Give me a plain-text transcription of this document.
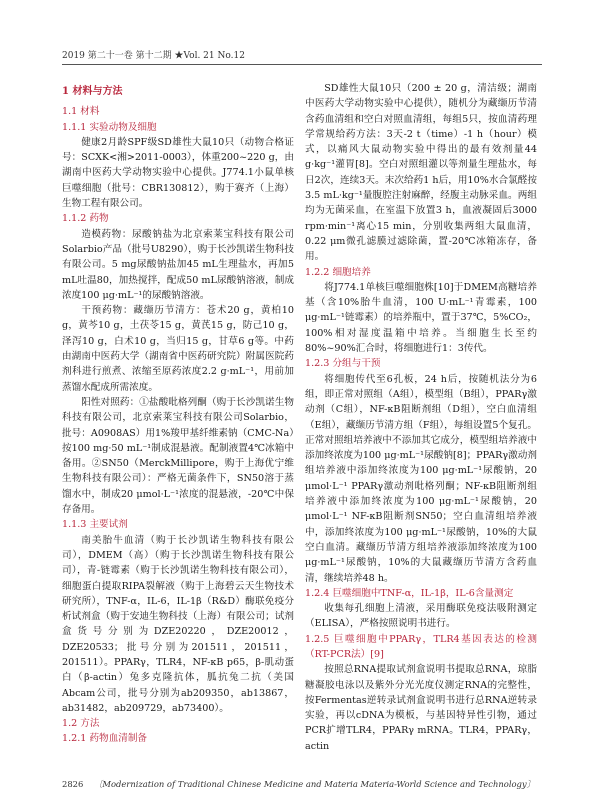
2019 第二十一卷 第十二期 ★Vol. 21 No.12

1 材料与方法

1.1 材料

1.1.1 实验动物及细胞

健康2月龄SPF级SD雄性大鼠10只（动物合格证号：SCXK<湘>2011-0003），体重200~220 g，由湖南中医药大学动物实验中心提供。J774.1小鼠单核巨噬细胞（批号：CBR130812），购于赛齐（上海）生物工程有限公司。

1.1.2 药物

造模药物：尿酸钠盐为北京索莱宝科技有限公司Solarbio产品（批号U8290），购于长沙凯诺生物科技有限公司。5 mg尿酸钠盐加45 mL生理盐水，再加5 mL吐温80，加热搅拌，配成50 mL尿酸钠溶液，制成浓度100 μg·mL⁻¹的尿酸钠溶液。

干预药物：藏缬历节清方：苍术20 g，黄柏10 g，黄芩10 g，土茯苓15 g，黄芪15 g，防己10 g，泽泻10 g，白术10 g，当归15 g，甘草6 g等。中药由湖南中医药大学（湖南省中医药研究院）附属医院药剂科进行煎煮、浓缩至原药浓度2.2 g·mL⁻¹，用前加蒸馏水配成所需浓度。

阳性对照药：①盐酸吡格列酮（购于长沙凯诺生物科技有限公司，北京索莱宝科技有限公司Solarbio，批号：A0908AS）用1%羧甲基纤维素钠（CMC-Na）按100 mg·50 mL⁻¹制成混悬液。配制液置4℃冰箱中备用。②SN50（MerckMillipore，购于上海优宁维生物科技有限公司）：严格无菌条件下，SN50溶于蒸馏水中，制成20 μmol·L⁻¹浓度的混悬液，-20℃中保存备用。

1.1.3 主要试剂

南美胎牛血清（购于长沙凯诺生物科技有限公司），DMEM（高）（购于长沙凯诺生物科技有限公司），青-链霉素（购于长沙凯诺生物科技有限公司），细胞蛋白提取RIPA裂解液（购于上海碧云天生物技术研究所），TNF-α，IL-6，IL-1β（R&D）酶联免疫分析试剂盒（购于安迪生物科技（上海）有限公司；试剂盒货号分别为DZE20220，DZE20012，DZE20533；批号分别为201511，201511，201511）。PPARγ，TLR4，NF-κB p65，β-肌动蛋白（β-actin）兔多克隆抗体，胍抗兔二抗（美国Abcam公司，批号分别为ab209350，ab13867，ab31482，ab209729，ab73400）。

1.2 方法

1.2.1 药物血清制备

SD雄性大鼠10只（200 ± 20 g，清洁级；湖南中医药大学动物实验中心提供），随机分为藏缬历节清含药血清组和空白对照血清组，每组5只，按血清药理学常规给药方法：3天-2 t（time）-1 h（hour）模式，以痛风大鼠动物实验中得出的最有效剂量44 g·kg⁻¹灌胃[8]。空白对照组灌以等剂量生理盐水，每日2次，连续3天。末次给药1 h后，用10%水合氯醛按3.5 mL·kg⁻¹量腹腔注射麻醉，经腹主动脉采血。两组均为无菌采血，在室温下放置3 h，血液凝固后3000 rpm·min⁻¹离心15 min，分别收集两组大鼠血清，0.22 μm微孔滤膜过滤除菌，置-20℃冰箱冻存，备用。

1.2.2 细胞培养

将J774.1单核巨噬细胞株[10]于DMEM高糖培养基（含10%胎牛血清，100 U·mL⁻¹青霉素，100 μg·mL⁻¹链霉素）的培养瓶中，置于37℃，5%CO₂，100%相对湿度温箱中培养。当细胞生长至约80%~90%汇合时，将细胞进行1：3传代。

1.2.3 分组与干预

将细胞传代至6孔板，24 h后，按随机法分为6组，即正常对照组（A组），模型组（B组），PPARγ激动剂（C组），NF-κB阻断剂组（D组），空白血清组（E组），藏缬历节清方组（F组），每组设置5个复孔。正常对照组培养液中不添加其它成分，模型组培养液中添加终浓度为100 μg·mL⁻¹尿酸钠[8]；PPARγ激动剂组培养液中添加终浓度为100 μg·mL⁻¹尿酸钠，20 μmol·L⁻¹ PPARγ激动剂吡格列酮；NF-κB阻断剂组培养液中添加终浓度为100 μg·mL⁻¹尿酸钠，20 μmol·L⁻¹ NF-κB阻断剂SN50；空白血清组培养液中，添加终浓度为100 μg·mL⁻¹尿酸钠，10%的大鼠空白血清。藏缬历节清方组培养液添加终浓度为100 μg·mL⁻¹尿酸钠，10%的大鼠藏缬历节清方含药血清，继续培养48 h。

1.2.4 巨噬细胞中TNF-α，IL-1β，IL-6含量测定

收集每孔细胞上清液，采用酶联免疫法吸附测定（ELISA），严格按照说明书进行。

1.2.5 巨噬细胞中PPARγ，TLR4基因表达的检测（RT-PCR法）[9]

按照总RNA提取试剂盒说明书提取总RNA，琼脂糖凝胶电泳以及紫外分光光度仪测定RNA的完整性，按Fermentas逆转录试剂盒说明书进行总RNA逆转录实验，再以cDNA为模板，与基因特异性引物，通过PCR扩增TLR4，PPARγ mRNA。TLR4，PPARγ，actin

2826 〔Modernization of Traditional Chinese Medicine and Materia Materia-World Science and Technology〕
